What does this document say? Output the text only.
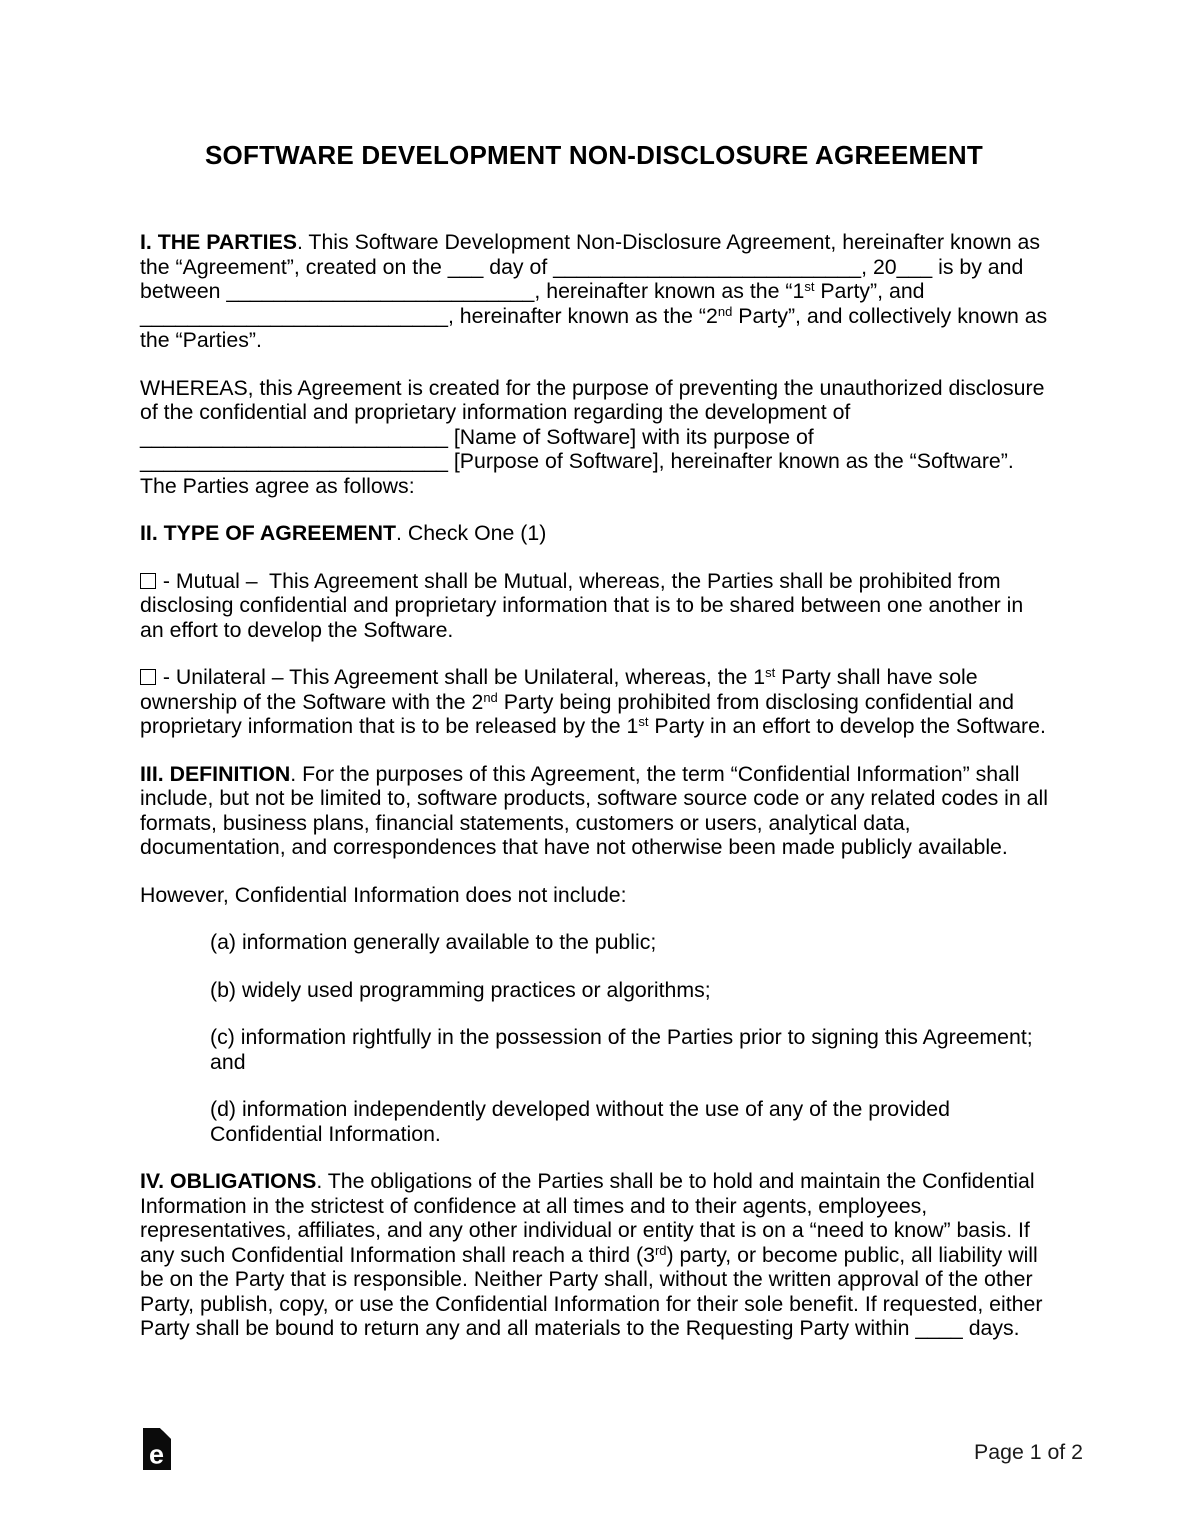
SOFTWARE DEVELOPMENT NON-DISCLOSURE AGREEMENT

I. THE PARTIES. This Software Development Non-Disclosure Agreement, hereinafter known as the “Agreement”, created on the ___ day of __________________________, 20___ is by and between __________________________, hereinafter known as the “1st Party”, and __________________________, hereinafter known as the “2nd Party”, and collectively known as the “Parties”.

WHEREAS, this Agreement is created for the purpose of preventing the unauthorized disclosure of the confidential and proprietary information regarding the development of __________________________ [Name of Software] with its purpose of __________________________ [Purpose of Software], hereinafter known as the “Software”. The Parties agree as follows:

II. TYPE OF AGREEMENT. Check One (1)

- Mutual –  This Agreement shall be Mutual, whereas, the Parties shall be prohibited from disclosing confidential and proprietary information that is to be shared between one another in an effort to develop the Software.

- Unilateral – This Agreement shall be Unilateral, whereas, the 1st Party shall have sole ownership of the Software with the 2nd Party being prohibited from disclosing confidential and proprietary information that is to be released by the 1st Party in an effort to develop the Software.

III. DEFINITION. For the purposes of this Agreement, the term “Confidential Information” shall include, but not be limited to, software products, software source code or any related codes in all formats, business plans, financial statements, customers or users, analytical data, documentation, and correspondences that have not otherwise been made publicly available.

However, Confidential Information does not include:

(a) information generally available to the public;

(b) widely used programming practices or algorithms;

(c) information rightfully in the possession of the Parties prior to signing this Agreement; and

(d) information independently developed without the use of any of the provided Confidential Information.

IV. OBLIGATIONS. The obligations of the Parties shall be to hold and maintain the Confidential Information in the strictest of confidence at all times and to their agents, employees, representatives, affiliates, and any other individual or entity that is on a “need to know” basis. If any such Confidential Information shall reach a third (3rd) party, or become public, all liability will be on the Party that is responsible. Neither Party shall, without the written approval of the other Party, publish, copy, or use the Confidential Information for their sole benefit. If requested, either Party shall be bound to return any and all materials to the Requesting Party within ____ days.

e	Page 1 of 2
